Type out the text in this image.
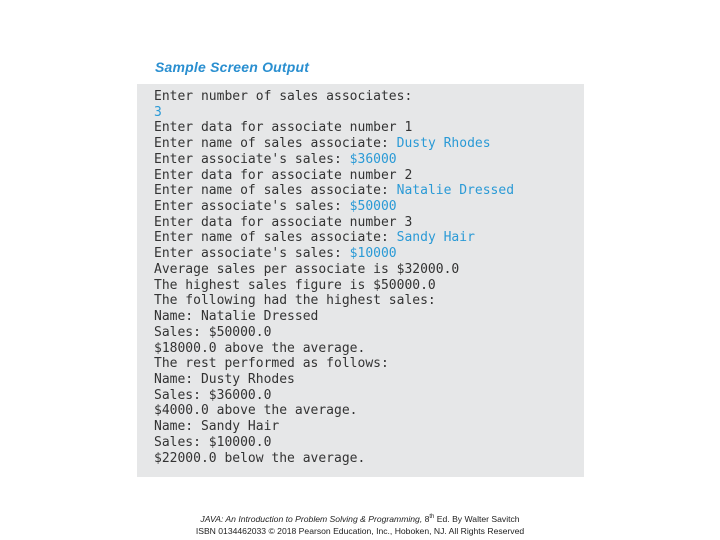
Sample Screen Output
Enter number of sales associates:
3
Enter data for associate number 1
Enter name of sales associate: Dusty Rhodes
Enter associate's sales: $36000
Enter data for associate number 2
Enter name of sales associate: Natalie Dressed
Enter associate's sales: $50000
Enter data for associate number 3
Enter name of sales associate: Sandy Hair
Enter associate's sales: $10000
Average sales per associate is $32000.0
The highest sales figure is $50000.0
The following had the highest sales:
Name: Natalie Dressed
Sales: $50000.0
$18000.0 above the average.
The rest performed as follows:
Name: Dusty Rhodes
Sales: $36000.0
$4000.0 above the average.
Name: Sandy Hair
Sales: $10000.0
$22000.0 below the average.
JAVA: An Introduction to Problem Solving & Programming, 8th Ed. By Walter Savitch
ISBN 0134462033 © 2018 Pearson Education, Inc., Hoboken, NJ. All Rights Reserved
